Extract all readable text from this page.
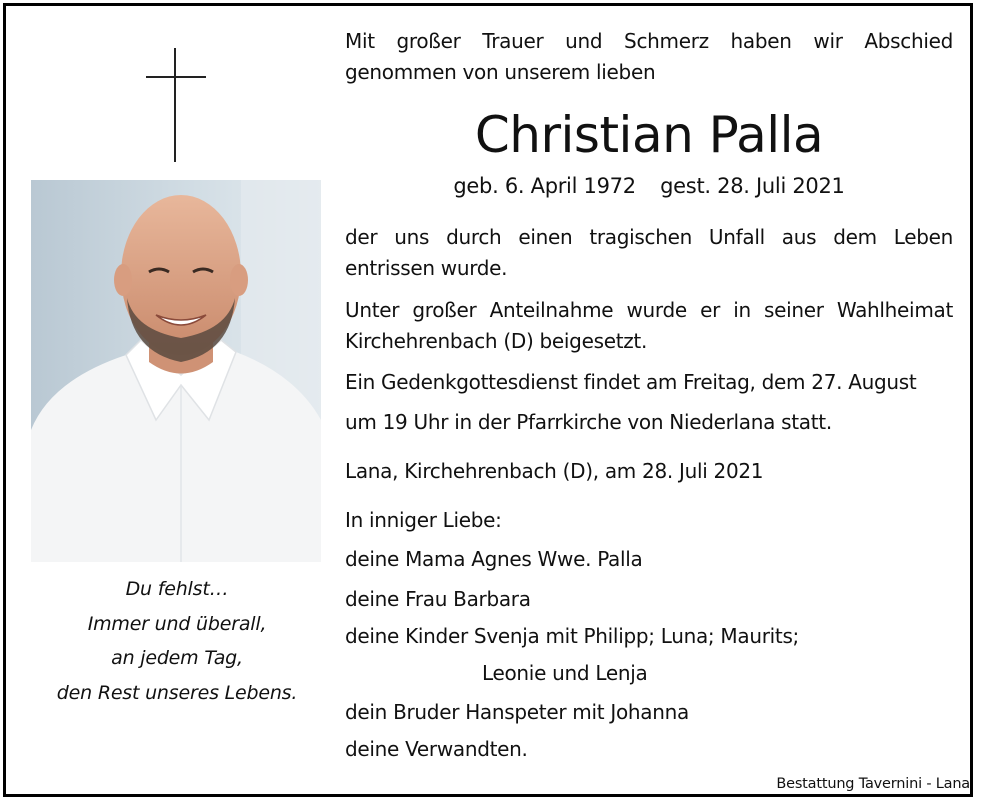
Du fehlst…
Immer und überall,
an jedem Tag,
den Rest unseres Lebens.

Mit großer Trauer und Schmerz haben wir Abschied genommen von unserem lieben

Christian Palla

geb. 6. April 1972 gest. 28. Juli 2021

der uns durch einen tragischen Unfall aus dem Leben entrissen wurde.

Unter großer Anteilnahme wurde er in seiner Wahlheimat Kirchehrenbach (D) beigesetzt.

Ein Gedenkgottesdienst findet am Freitag, dem 27. August
um 19 Uhr in der Pfarrkirche von Niederlana statt.
Lana, Kirchehrenbach (D), am 28. Juli 2021
In inniger Liebe:
deine Mama Agnes Wwe. Palla
deine Frau Barbara
deine Kinder Svenja mit Philipp; Luna; Maurits;
Leonie und Lenja
dein Bruder Hanspeter mit Johanna
deine Verwandten.
Bestattung Tavernini - Lana
